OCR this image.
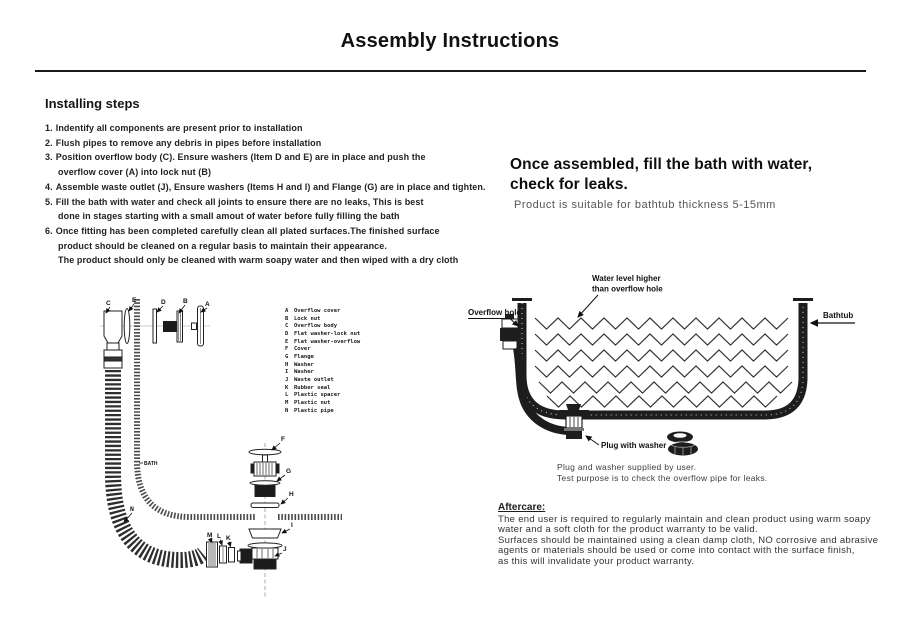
Assembly Instructions
Installing steps
1. Indentify all components are present prior to installation
2. Flush pipes to remove any debris in pipes before installation
3. Position overflow body (C). Ensure washers (Item D and E) are in place and push the
overflow cover (A) into lock nut (B)
4. Assemble waste outlet (J), Ensure washers (Items H and I) and Flange (G) are in place and tighten.
5. Fill the bath with water and check all joints to ensure there are no leaks, This is best
done in stages starting with a small amout of water before fully filling the bath
6. Once fitting has been completed carefully clean all plated surfaces.The finished surface
product should be cleaned on a regular basis to maintain their appearance.
The product should only be cleaned with warm soapy water and then wiped with a dry cloth
A Overflow cover
B Lock nut
C Overflow body
D Flat washer-lock nut
E Flat washer-overflow
F Cover
G Flange
H Washer
I Washer
J Waste outlet
K Rubber seal
L Plastic spacer
M Plastic nut
N Plastic pipe
C	E	D	B	A
BATH
N
F
G
H
I
J
M L K
Once assembled, fill the bath with water,
check for leaks.
Product is suitable for bathtub thickness 5-15mm
Water level higher
than overflow hole
Overflow hole	Bathtub
Plug with washer
Plug and washer supplied by user.
Test purpose is to check the overflow pipe for leaks.
Aftercare:
The end user is required to regularly maintain and clean product using warm soapy
water and a soft cloth for the product warranty to be valid.
Surfaces should be maintained using a clean damp cloth, NO corrosive and abrasive
agents or materials should be used or come into contact with the surface finish,
as this will invalidate your product warranty.
